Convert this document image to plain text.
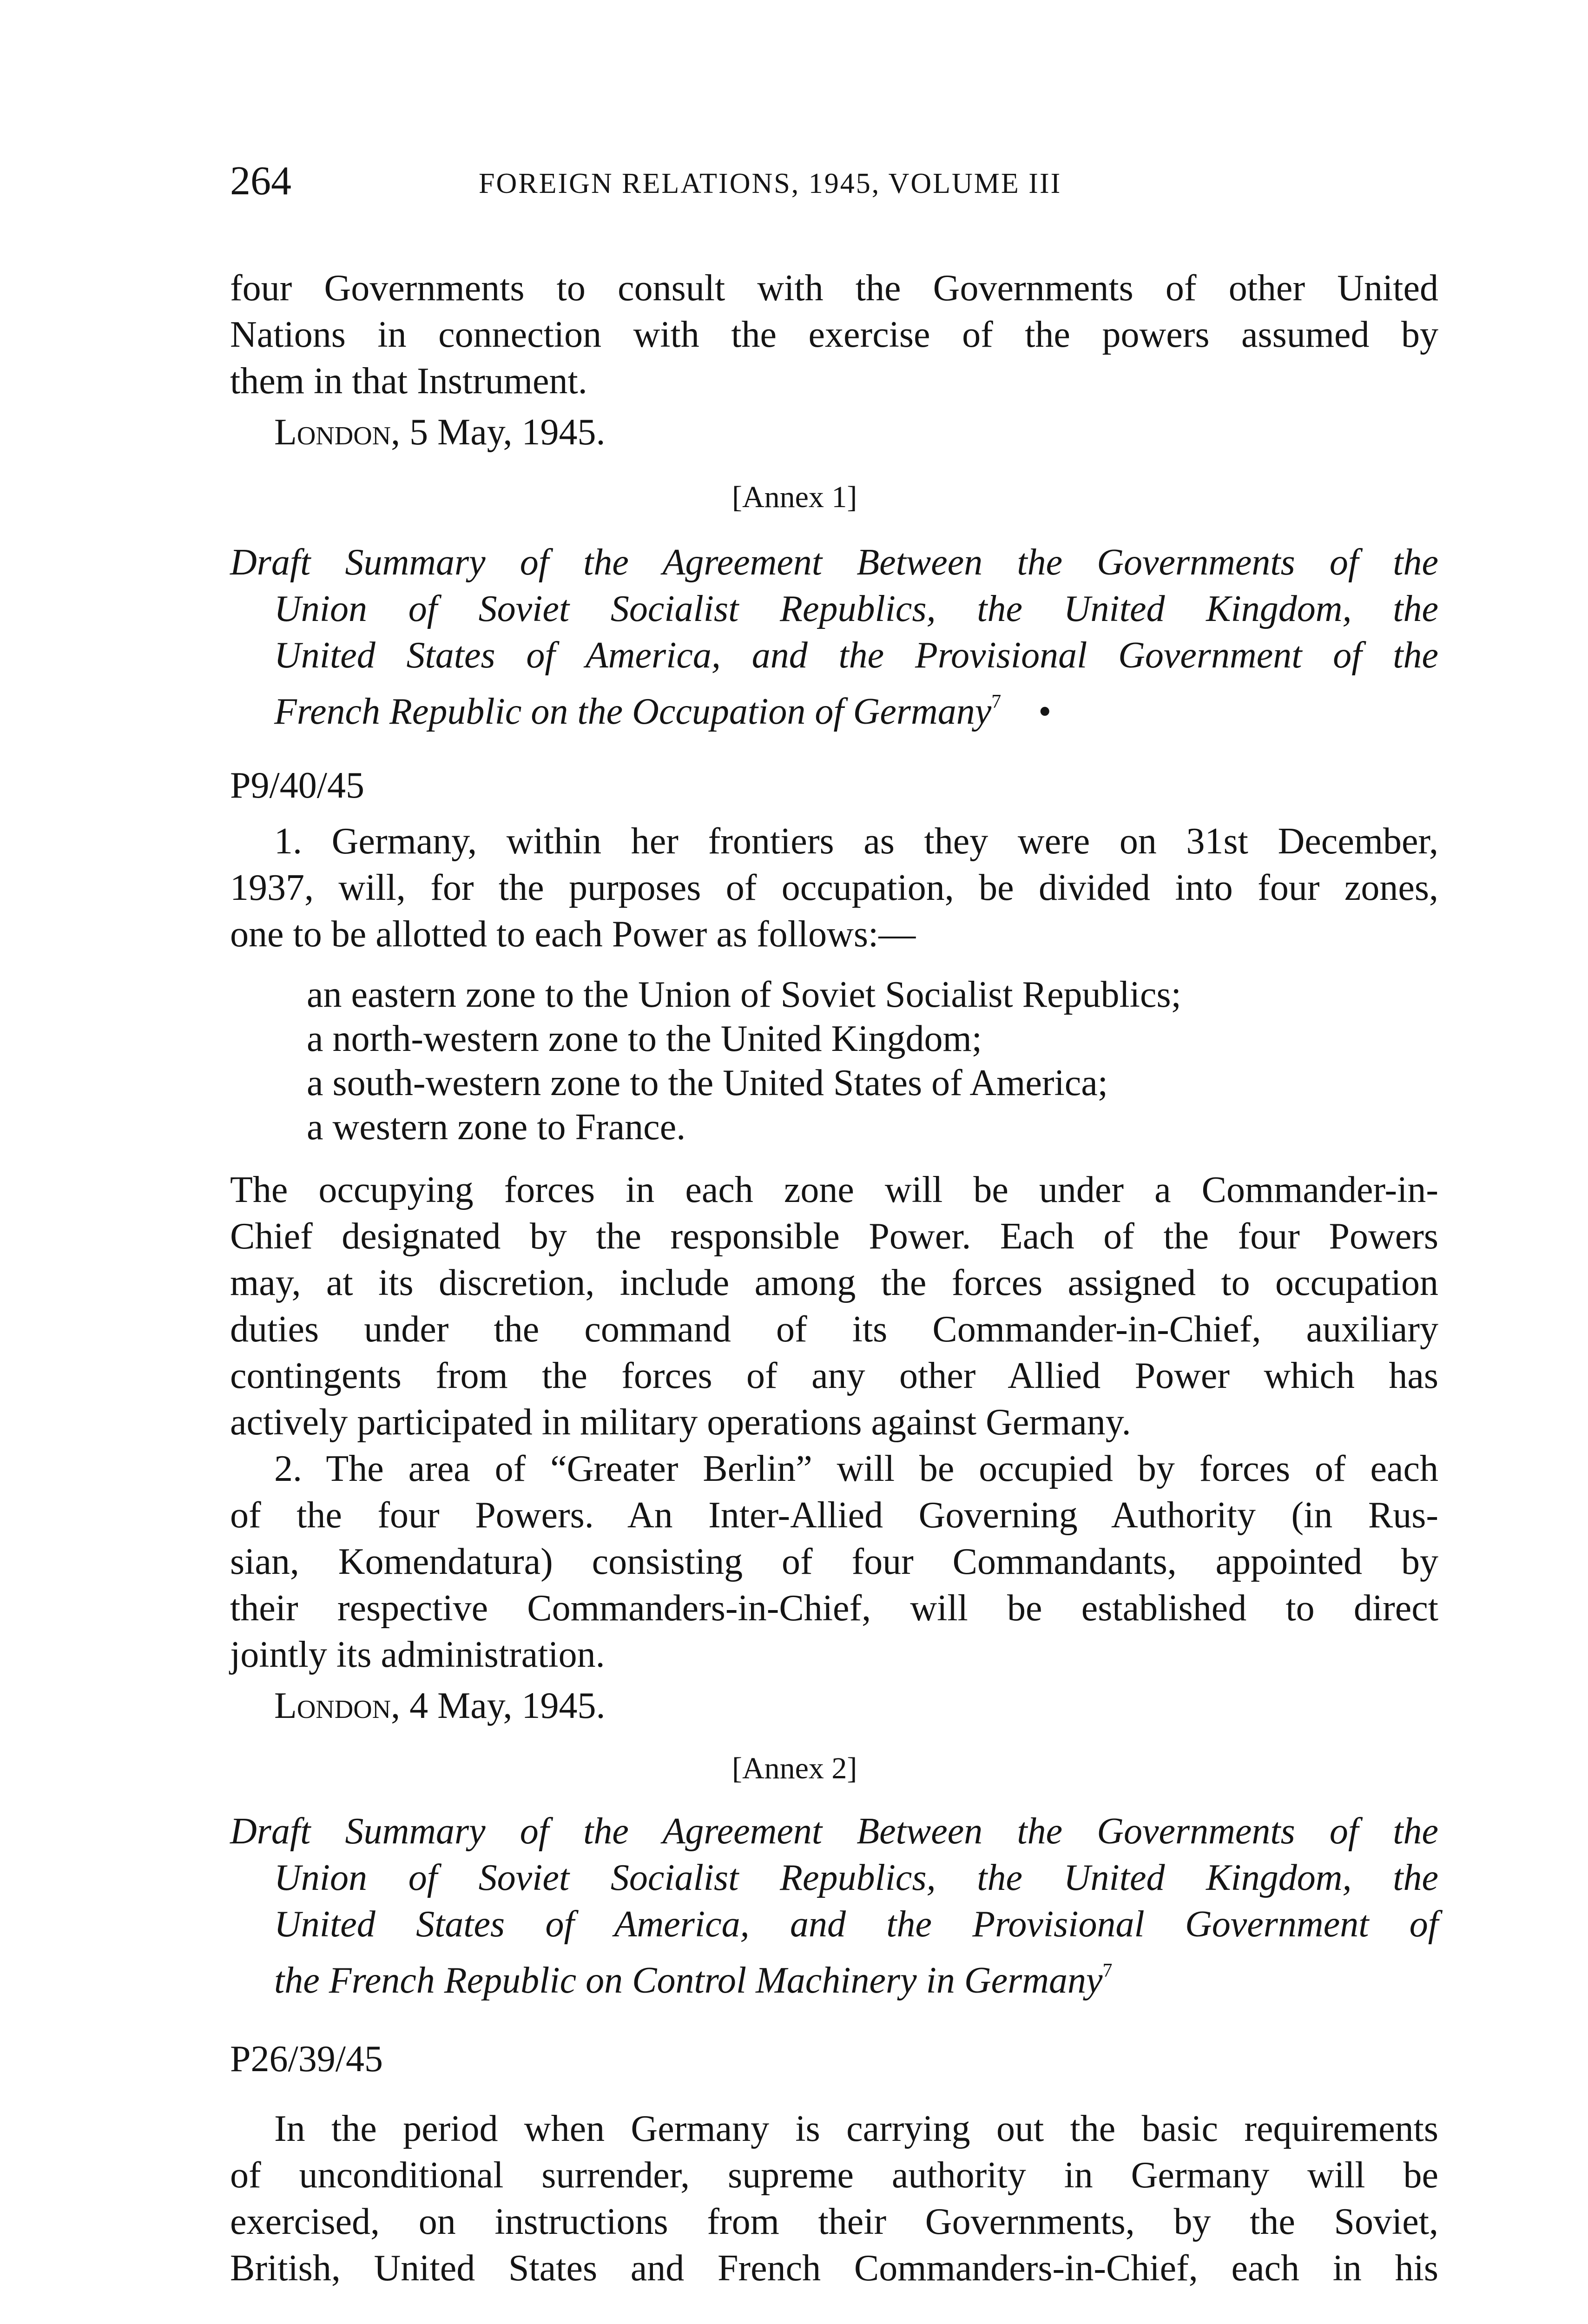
264	FOREIGN RELATIONS, 1945, VOLUME III
four Governments to consult with the Governments of other United
Nations in connection with the exercise of the powers assumed by
them in that Instrument.
London, 5 May, 1945.
[Annex 1]
Draft Summary of the Agreement Between the Governments of the
Union of Soviet Socialist Republics, the United Kingdom, the
United States of America, and the Provisional Government of the
French Republic on the Occupation of Germany$^7$ •
P9/40/45
1. Germany, within her frontiers as they were on 31st December,
1937, will, for the purposes of occupation, be divided into four zones,
one to be allotted to each Power as follows:—
an eastern zone to the Union of Soviet Socialist Republics;
a north-western zone to the United Kingdom;
a south-western zone to the United States of America;
a western zone to France.
The occupying forces in each zone will be under a Commander-in-
Chief designated by the responsible Power. Each of the four Powers
may, at its discretion, include among the forces assigned to occupation
duties under the command of its Commander-in-Chief, auxiliary
contingents from the forces of any other Allied Power which has
actively participated in military operations against Germany.
2. The area of “Greater Berlin” will be occupied by forces of each
of the four Powers. An Inter-Allied Governing Authority (in Rus-
sian, Komendatura) consisting of four Commandants, appointed by
their respective Commanders-in-Chief, will be established to direct
jointly its administration.
London, 4 May, 1945.
[Annex 2]
Draft Summary of the Agreement Between the Governments of the
Union of Soviet Socialist Republics, the United Kingdom, the
United States of America, and the Provisional Government of
the French Republic on Control Machinery in Germany$^7$
P26/39/45
In the period when Germany is carrying out the basic requirements
of unconditional surrender, supreme authority in Germany will be
exercised, on instructions from their Governments, by the Soviet,
British, United States and French Commanders-in-Chief, each in his
